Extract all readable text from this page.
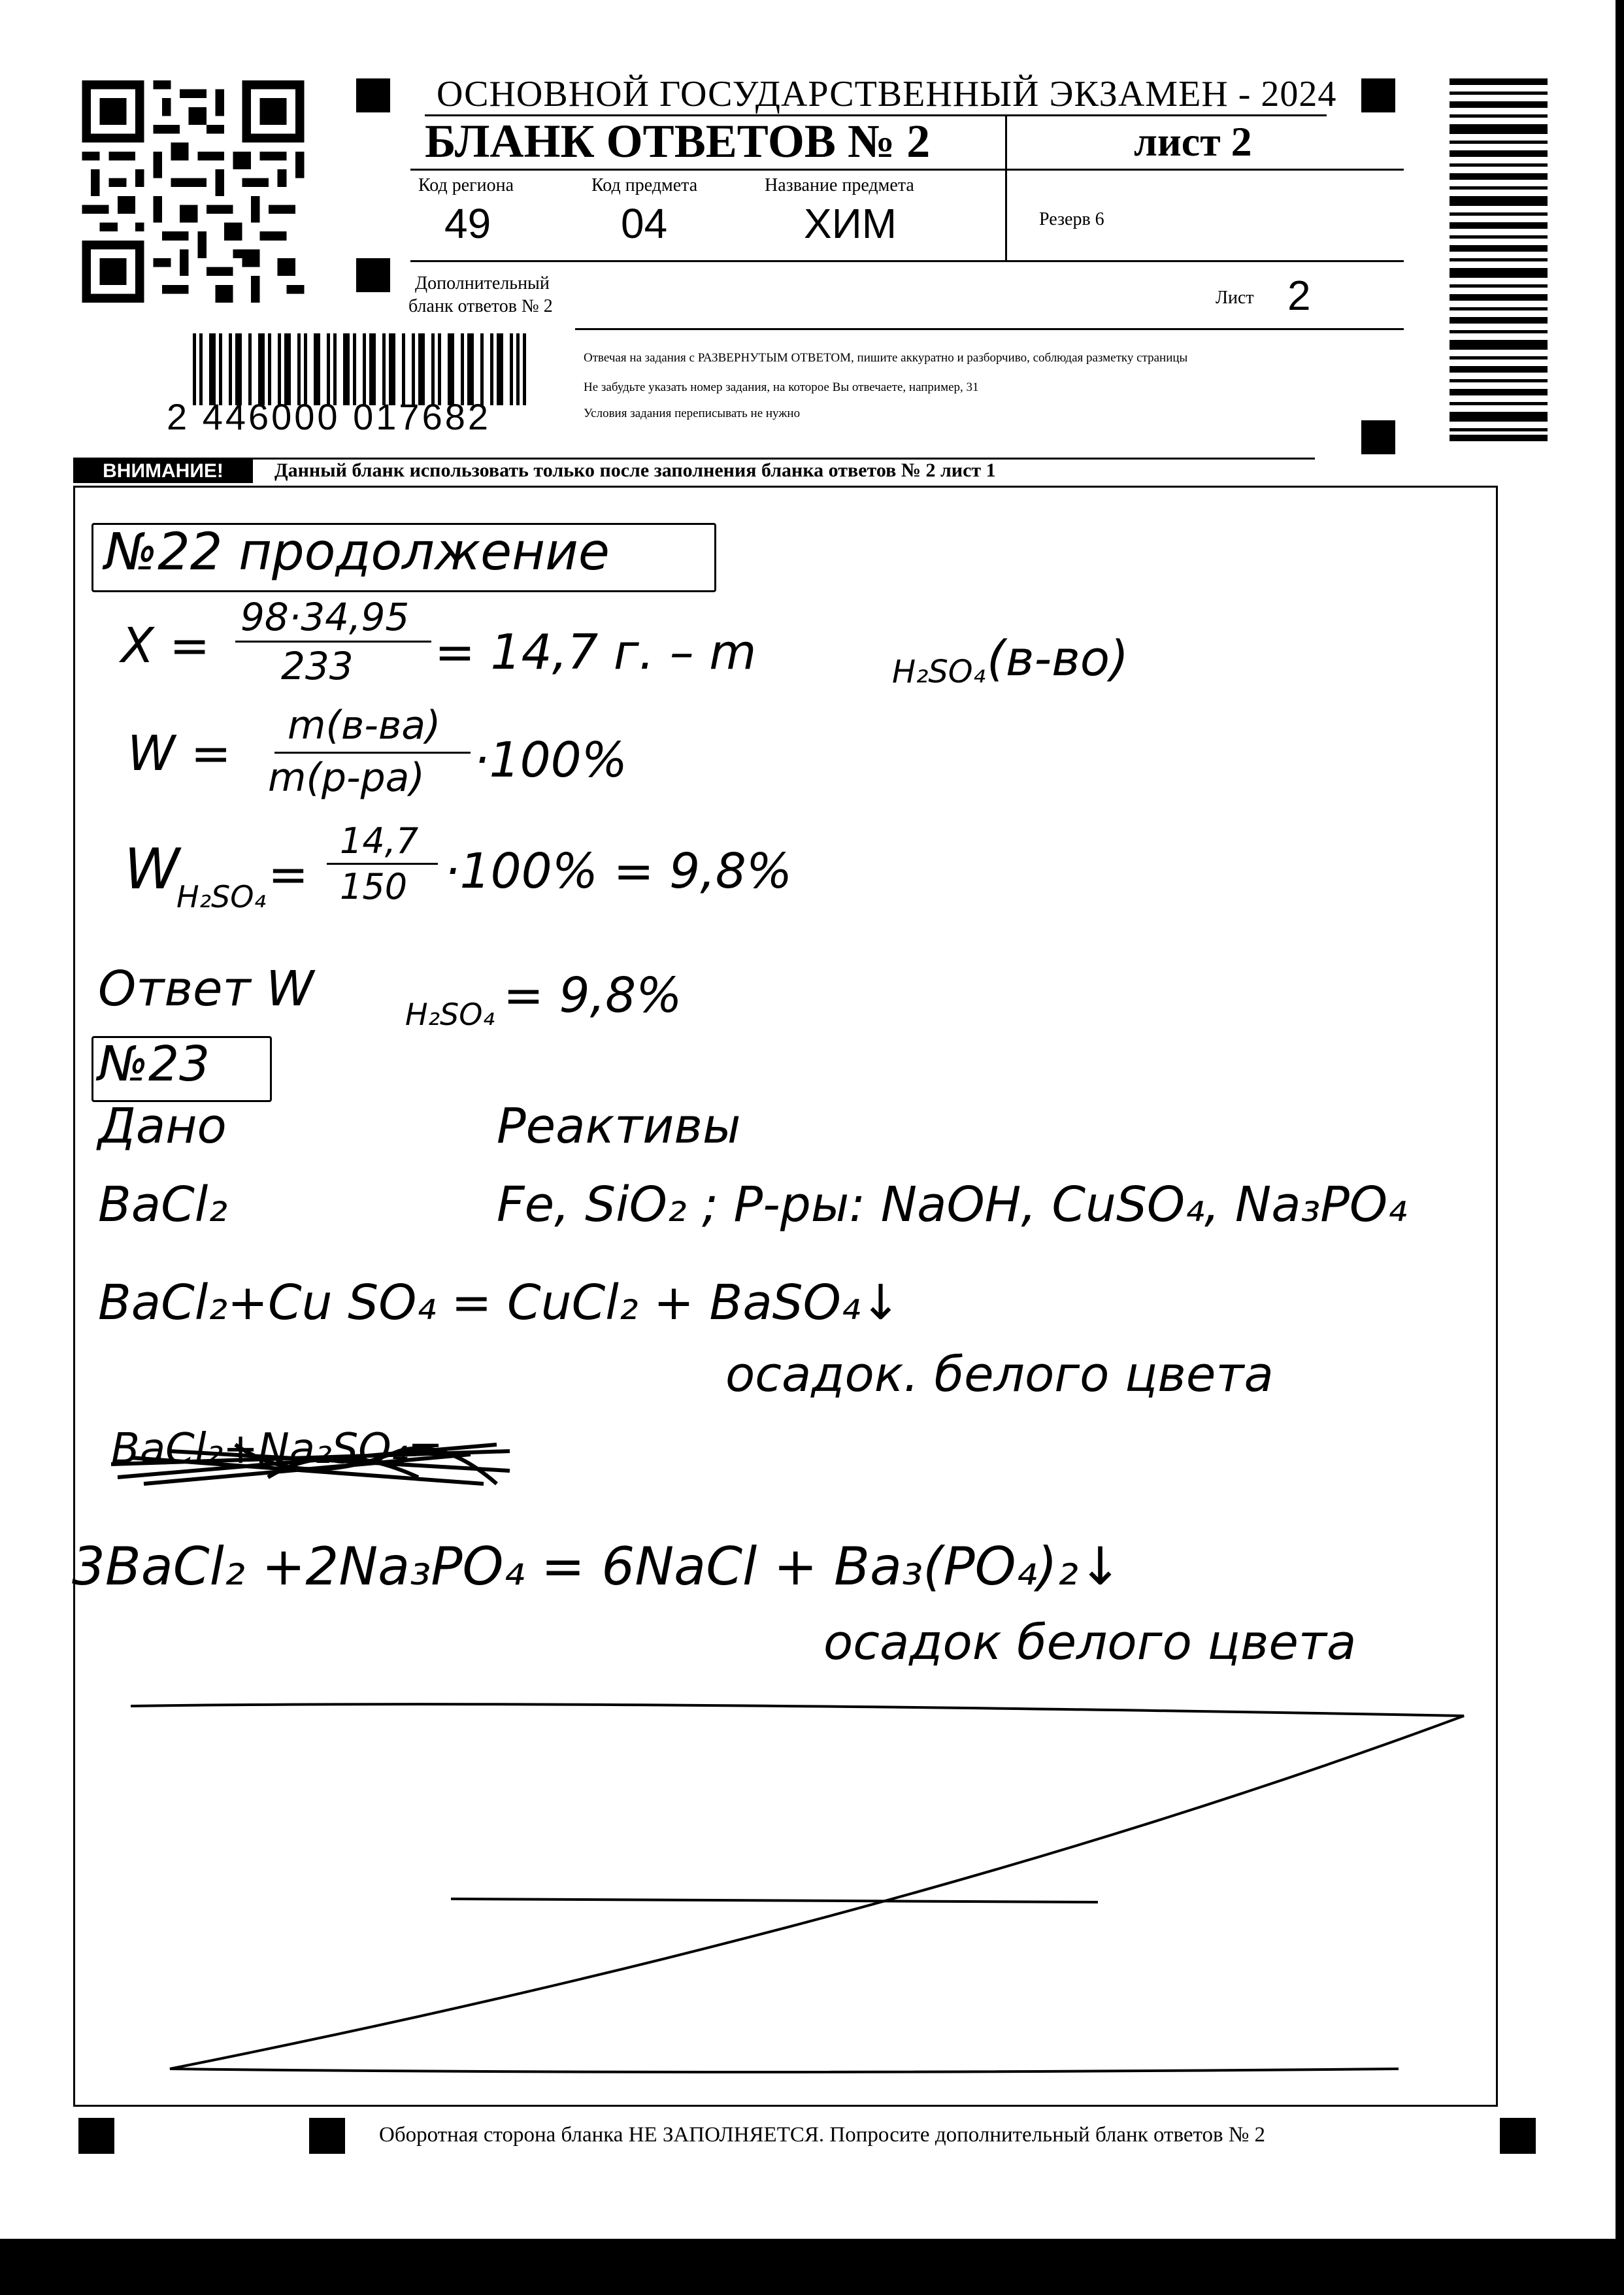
ОСНОВНОЙ ГОСУДАРСТВЕННЫЙ ЭКЗАМЕН - 2024
БЛАНК ОТВЕТОВ № 2	лист 2
Код региона	Код предмета	Название предмета
49	04	ХИМ	Резерв 6
Дополнительный
бланк ответов № 2	Лист 2
2 446000 017682
Отвечая на задания с РАЗВЕРНУТЫМ ОТВЕТОМ, пишите аккуратно и разборчиво, соблюдая разметку страницы
Не забудьте указать номер задания, на которое Вы отвечаете, например, 31
Условия задания переписывать не нужно
ВНИМАНИЕ!	Данный бланк использовать только после заполнения бланка ответов № 2 лист 1
№22 продолжение
X =
98·34,95
233 = 14,7 г. – m	H₂SO₄ (в-во)
W = m(в-ва)
m(р-ра) ·100%
W
H₂SO₄ =
14,7
150 ·100% = 9,8%
Ответ W	H₂SO₄ = 9,8%
№23
Дано	Реактивы
BaCl₂	Fe, SiO₂ ; Р-ры: NaOH, CuSO₄, Na₃PO₄
BaCl₂+Cu SO₄ = CuCl₂ + BaSO₄↓
осадок. белого цвета
BaCl₂+Na₂SO₄=
3BaCl₂ +2Na₃PO₄ = 6NaCl + Ba₃(PO₄)₂↓
осадок белого цвета
Оборотная сторона бланка НЕ ЗАПОЛНЯЕТСЯ. Попросите дополнительный бланк ответов № 2
